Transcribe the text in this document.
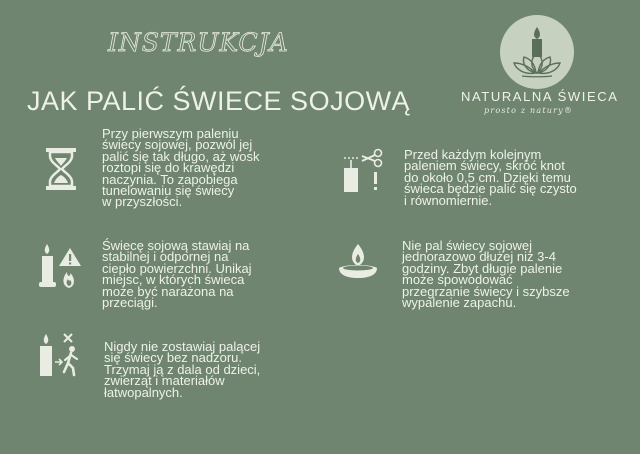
INSTRUKCJA
JAK PALIĆ ŚWIECE SOJOWĄ	NATURALNA ŚWIECA
prosto z natury®
Przy pierwszym paleniu
świecy sojowej, pozwól jej
palić się tak długo, aż wosk
roztopi się do krawędzi
naczynia. To zapobiega
tunelowaniu się świecy
w przyszłości.
Przed każdym kolejnym
paleniem świecy, skróć knot
do około 0,5 cm. Dzięki temu
świeca będzie palić się czysto
i równomiernie.
Świecę sojową stawiaj na
stabilnej i odpornej na
ciepło powierzchni. Unikaj
miejsc, w których świeca
może być narażona na
przeciągi.
Nie pal świecy sojowej
jednorazowo dłużej niż 3-4
godziny. Zbyt długie palenie
może spowodować
przegrzanie świecy i szybsze
wypalenie zapachu.
Nigdy nie zostawiaj palącej
się świecy bez nadzoru.
Trzymaj ją z dala od dzieci,
zwierząt i materiałów
łatwopalnych.
